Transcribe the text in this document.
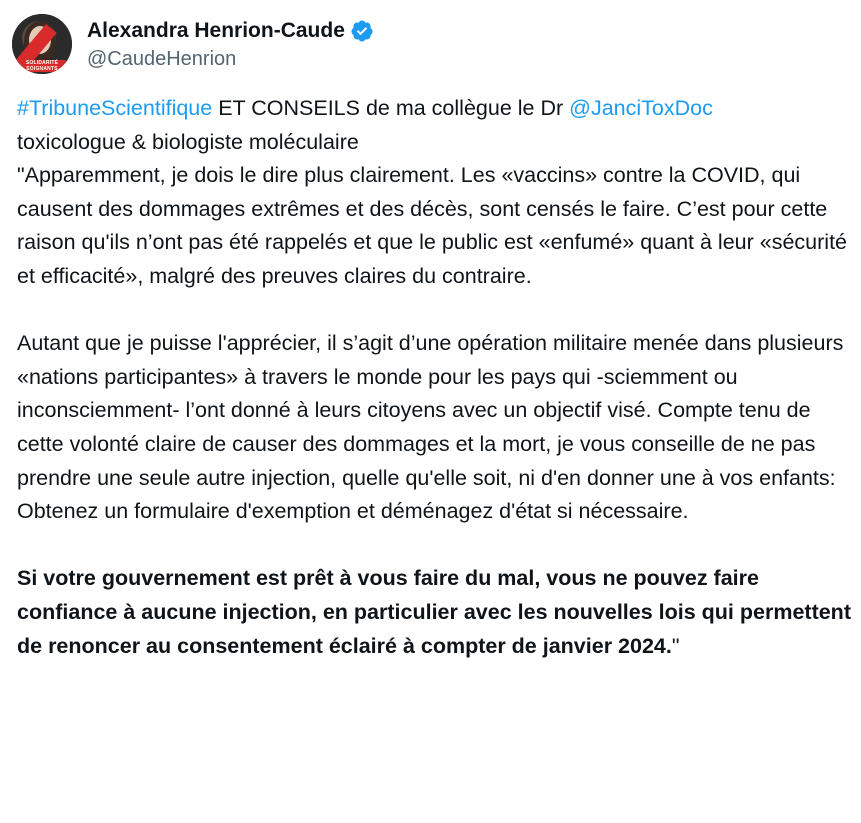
SOLIDARITÉ SOIGNANTS
Alexandra Henrion-Caude
@CaudeHenrion

#TribuneScientifique ET CONSEILS de ma collègue le Dr @JanciToxDoc

toxicologue & biologiste moléculaire

"Apparemment, je dois le dire plus clairement. Les «vaccins» contre la COVID, qui causent des dommages extrêmes et des décès, sont censés le faire. C’est pour cette raison qu'ils n’ont pas été rappelés et que le public est «enfumé» quant à leur «sécurité et efficacité», malgré des preuves claires du contraire.

Autant que je puisse l'apprécier, il s’agit d’une opération militaire menée dans plusieurs «nations participantes» à travers le monde pour les pays qui -sciemment ou inconsciemment- l’ont donné à leurs citoyens avec un objectif visé. Compte tenu de cette volonté claire de causer des dommages et la mort, je vous conseille de ne pas prendre une seule autre injection, quelle qu'elle soit, ni d'en donner une à vos enfants: Obtenez un formulaire d'exemption et déménagez d'état si nécessaire.

Si votre gouvernement est prêt à vous faire du mal, vous ne pouvez faire confiance à aucune injection, en particulier avec les nouvelles lois qui permettent de renoncer au consentement éclairé à compter de janvier 2024."
